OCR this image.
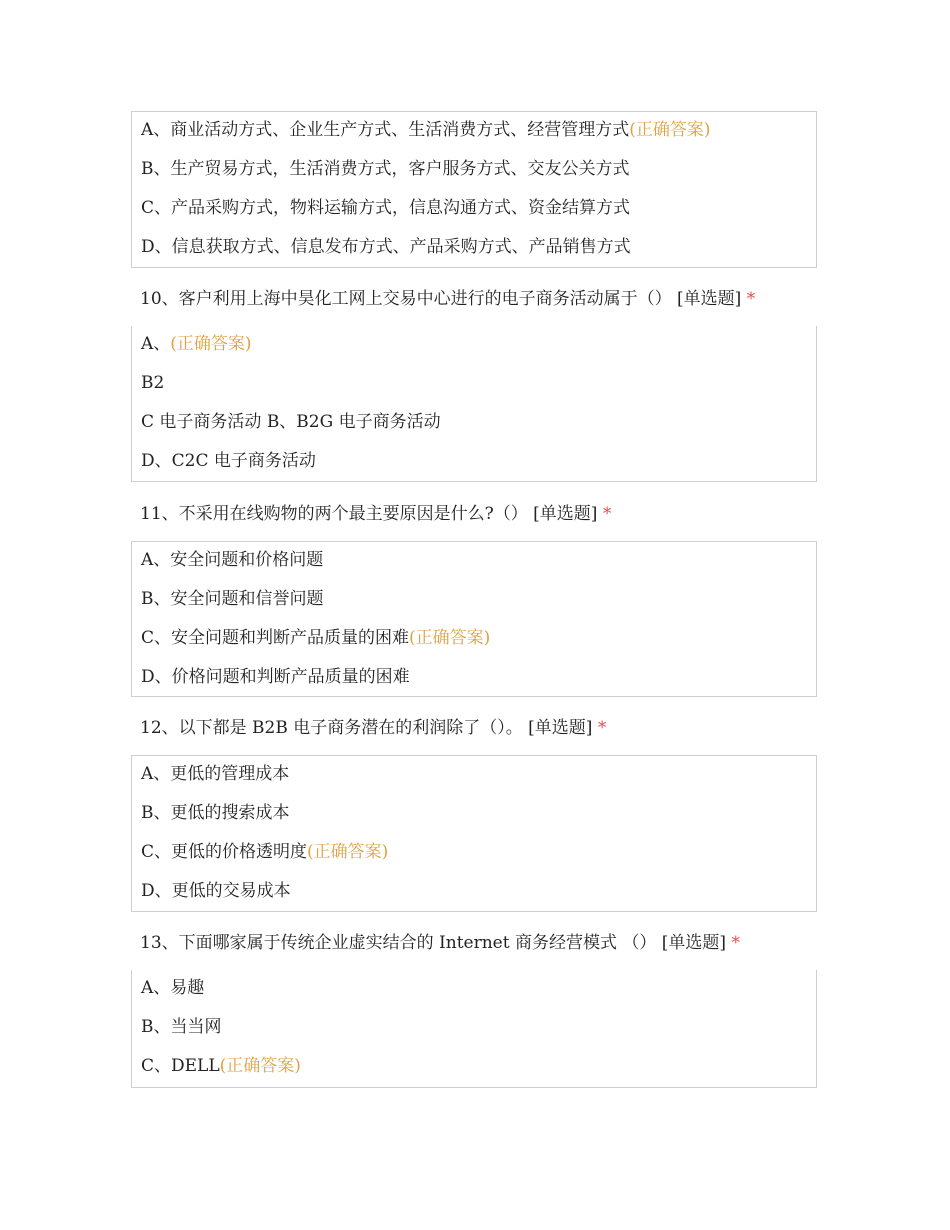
A、商业活动方式、企业生产方式、生活消费方式、经营管理方式(正确答案)
B、生产贸易方式，生活消费方式，客户服务方式、交友公关方式
C、产品采购方式，物料运输方式，信息沟通方式、资金结算方式
D、信息获取方式、信息发布方式、产品采购方式、产品销售方式
10、客户利用上海中昊化工网上交易中心进行的电子商务活动属于（） [单选题] *
A、(正确答案)
B2
C 电子商务活动 B、B2G 电子商务活动
D、C2C 电子商务活动
11、不采用在线购物的两个最主要原因是什么?（） [单选题] *
A、安全问题和价格问题
B、安全问题和信誉问题
C、安全问题和判断产品质量的困难(正确答案)
D、价格问题和判断产品质量的困难
12、以下都是 B2B 电子商务潜在的利润除了（）。 [单选题] *
A、更低的管理成本
B、更低的搜索成本
C、更低的价格透明度(正确答案)
D、更低的交易成本
13、下面哪家属于传统企业虚实结合的 Internet 商务经营模式 （） [单选题] *
A、易趣
B、当当网
C、DELL(正确答案)
